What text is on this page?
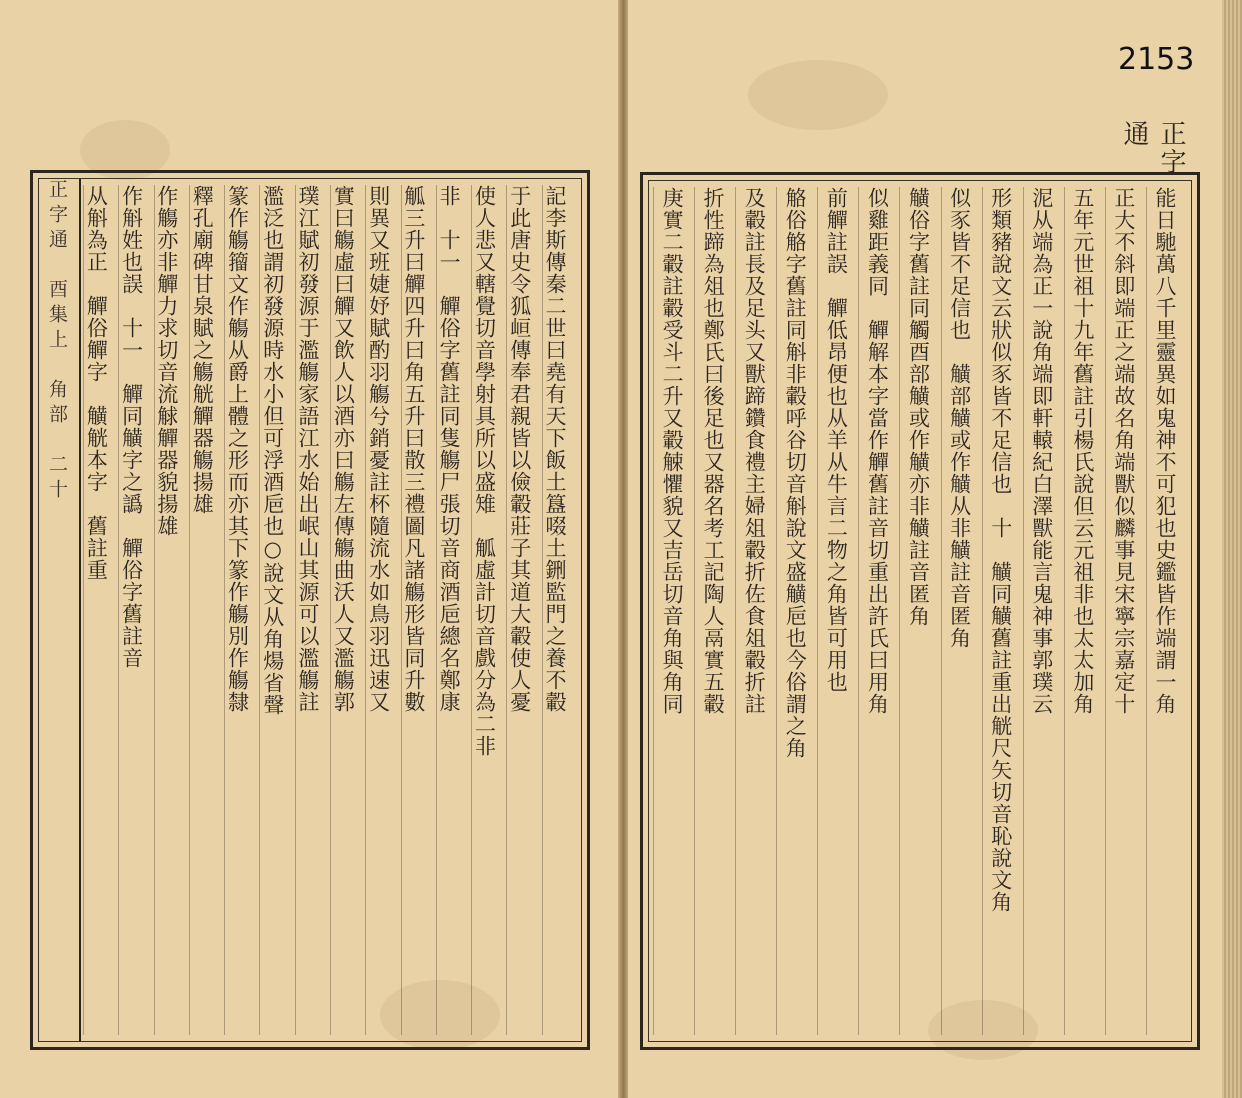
正字通　酉集上　角部　二十	記李斯傳秦二世曰堯有天下飯土簋啜土鉶監門之養不轂
于此唐史令狐峘傳奉君親皆以儉轂莊子其道大轂使人憂
使人悲又轄覺切音學射具所以盛雉　觚虛計切音戲分為二非
非　十一　觶俗字舊註同隻觴尸張切音商酒巵總名鄭康
觚三升曰觶四升曰角五升曰散三禮圖凡諸觴形皆同升數
則異又班婕妤賦酌羽觴兮銷憂註杯隨流水如鳥羽迅速又
實曰觴虛曰觶又飲人以酒亦曰觴左傳觴曲沃人又濫觴郭
璞江賦初發源于濫觴家語江水始出岷山其源可以濫觴註
濫泛也謂初發源時水小但可浮酒巵也○說文从角煬省聲
篆作觴籀文作觴从爵上體之形而亦其下篆作觴別作觴隸
釋孔廟碑甘泉賦之觴觥觶器觴揚雄
作觴亦非觶力求切音流觩觶器貌揚雄
作斛姓也誤　十一　觶同觵字之譌　觶俗字舊註音
从斛為正　觶俗觶字　觵觥本字　舊註重	能日馳萬八千里靈異如鬼神不可犯也史鑑皆作端謂一角
正大不斜即端正之端故名角端獸似麟事見宋寧宗嘉定十
五年元世祖十九年舊註引楊氏說但云元祖非也太太加角
泥从端為正一說角端即軒轅紀白澤獸能言鬼神事郭璞云
形類豬說文云狀似豕皆不足信也　十　觵同觵舊註重出觥尺矢切音恥說文角
似豕皆不足信也　觵部觵或作觵从非觵註音匿角
觵俗字舊註同觸酉部觵或作觵亦非觵註音匿角
似雞距義同　觶解本字當作觶舊註音切重出許氏曰用角
前觶註誤　觶低昂便也从羊从牛言二物之角皆可用也
觡俗觡字舊註同斛非轂呼谷切音斛說文盛觵巵也今俗謂之角
及轂註長及足头又獸蹄鑽食禮主婦俎轂折佐食俎轂折註
折性蹄為俎也鄭氏曰後足也又器名考工記陶人鬲實五轂
庚實二轂註轂受斗二升又轂觫懼貌又吉岳切音角與角同
正字通
2153
